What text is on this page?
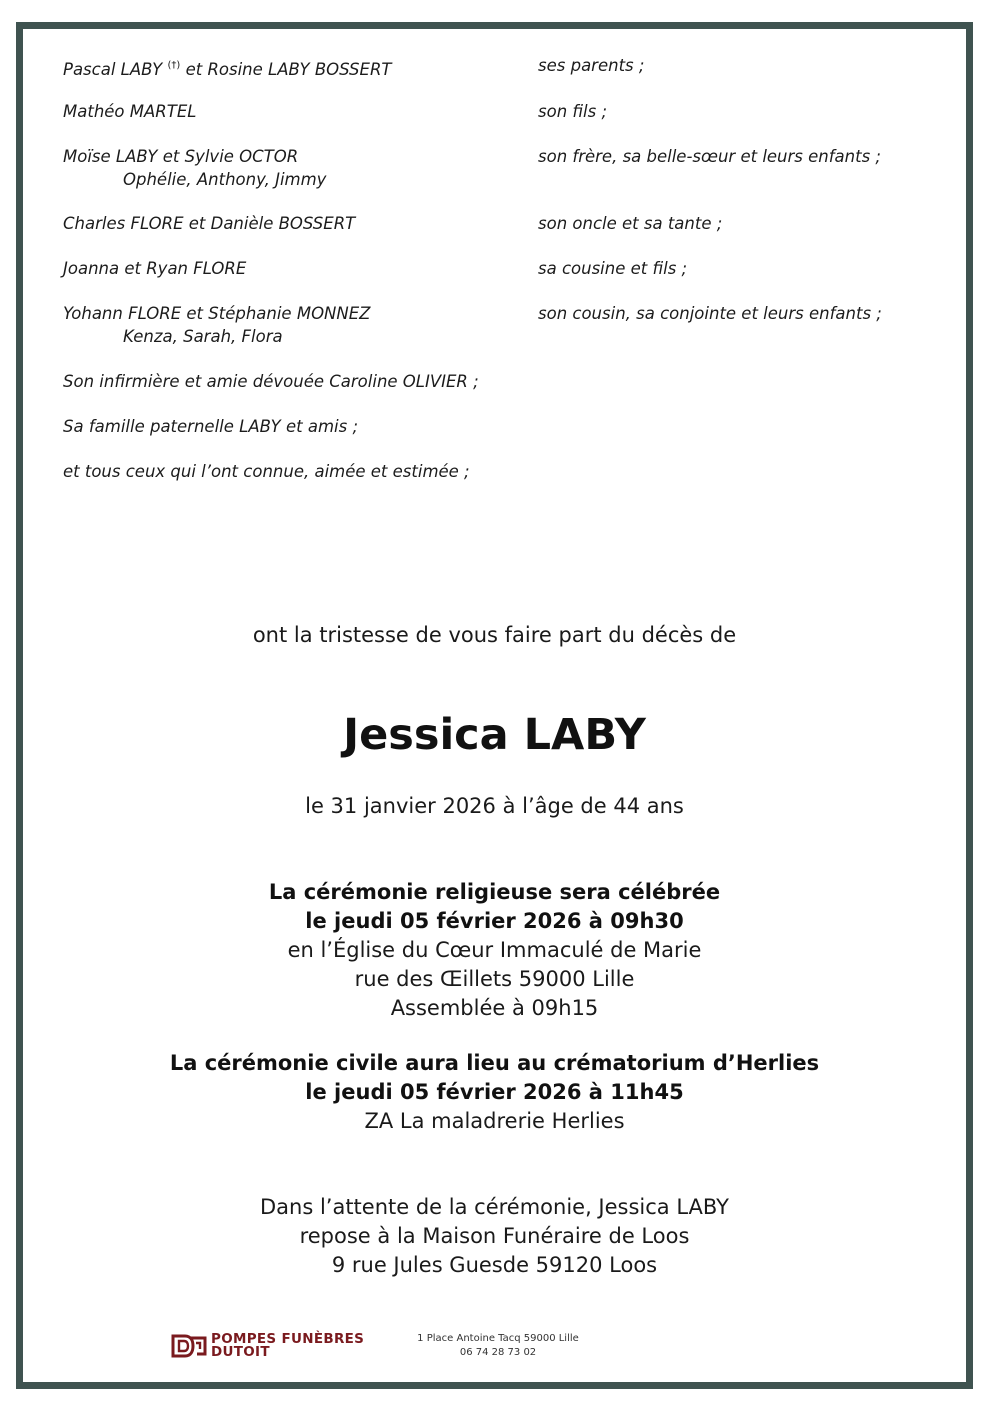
Pascal LABY (†) et Rosine LABY BOSSERT	ses parents ;
Mathéo MARTEL	son fils ;
Moïse LABY et Sylvie OCTOR	son frère, sa belle-sœur et leurs enfants ;
Ophélie, Anthony, Jimmy
Charles FLORE et Danièle BOSSERT	son oncle et sa tante ;
Joanna et Ryan FLORE	sa cousine et fils ;
Yohann FLORE et Stéphanie MONNEZ	son cousin, sa conjointe et leurs enfants ;
Kenza, Sarah, Flora
Son infirmière et amie dévouée Caroline OLIVIER ;
Sa famille paternelle LABY et amis ;
et tous ceux qui l’ont connue, aimée et estimée ;
ont la tristesse de vous faire part du décès de
Jessica LABY
le 31 janvier 2026 à l’âge de 44 ans
La cérémonie religieuse sera célébrée
le jeudi 05 février 2026 à 09h30
en l’Église du Cœur Immaculé de Marie
rue des Œillets 59000 Lille
Assemblée à 09h15
La cérémonie civile aura lieu au crématorium d’Herlies
le jeudi 05 février 2026 à 11h45
ZA La maladrerie Herlies
Dans l’attente de la cérémonie, Jessica LABY
repose à la Maison Funéraire de Loos
9 rue Jules Guesde 59120 Loos
POMPES FUNÈBRES
DUTOIT
1 Place Antoine Tacq 59000 Lille
06 74 28 73 02
